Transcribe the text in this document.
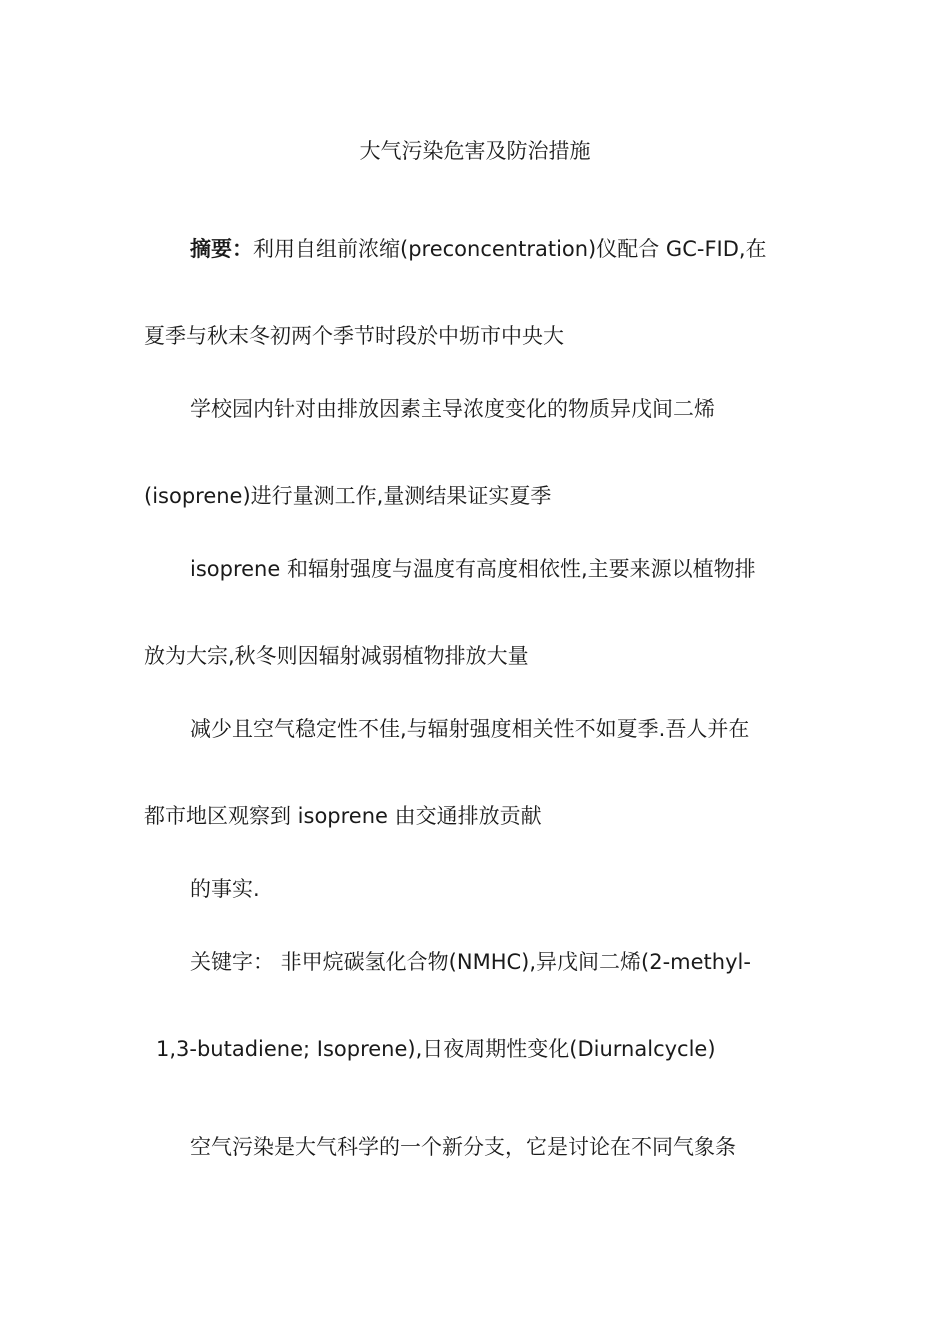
大气污染危害及防治措施
摘要：利用自组前浓缩(preconcentration)仪配合 GC-FID,在
夏季与秋末冬初两个季节时段於中坜市中央大
学校园内针对由排放因素主导浓度变化的物质异戊间二烯
(isoprene)进行量测工作,量测结果证实夏季
isoprene 和辐射强度与温度有高度相依性,主要来源以植物排
放为大宗,秋冬则因辐射减弱植物排放大量
减少且空气稳定性不佳,与辐射强度相关性不如夏季.吾人并在
都市地区观察到 isoprene 由交通排放贡献
的事实.
关键字： 非甲烷碳氢化合物(NMHC),异戊间二烯(2-methyl-
1,3-butadiene; Isoprene),日夜周期性变化(Diurnalcycle)
空气污染是大气科学的一个新分支，它是讨论在不同气象条
